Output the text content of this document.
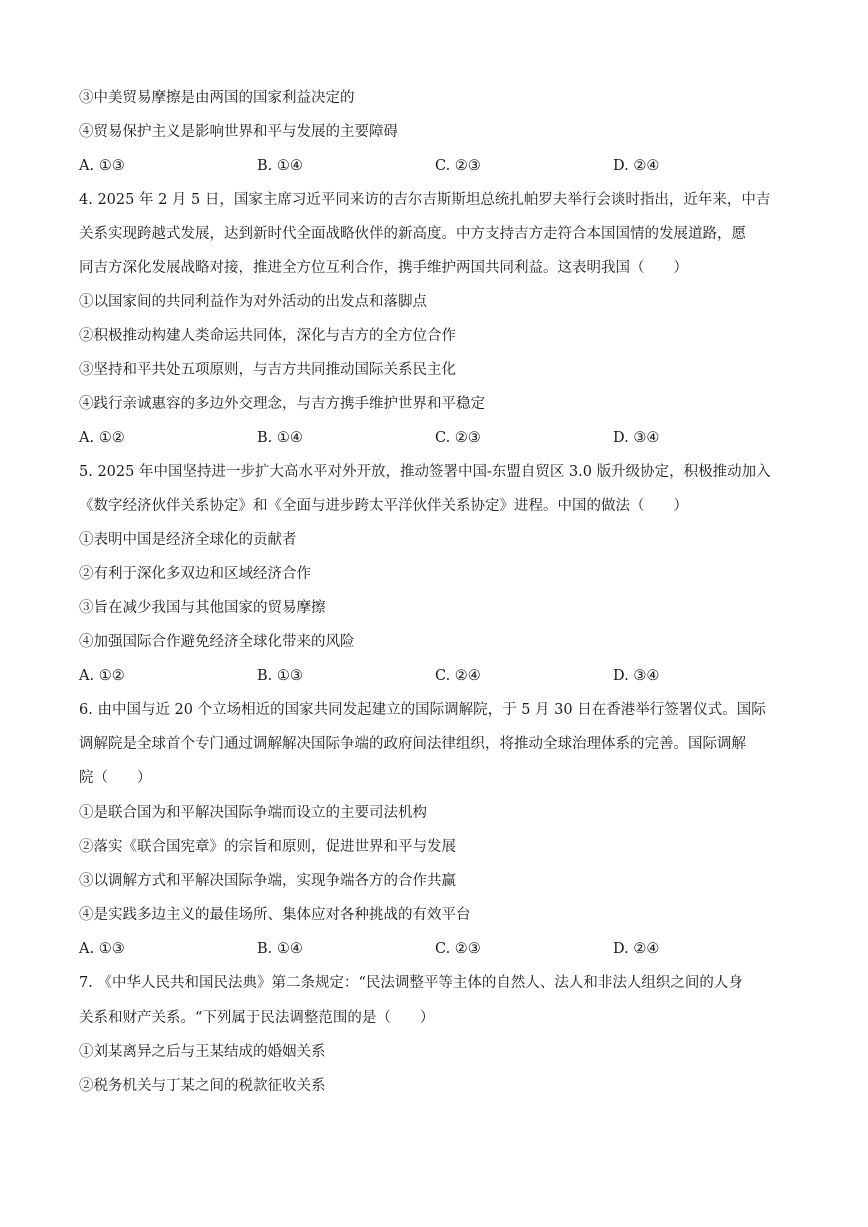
③中美贸易摩擦是由两国的国家利益决定的
④贸易保护主义是影响世界和平与发展的主要障碍
A. ①③	B. ①④	C. ②③	D. ②④
4. 2025 年 2 月 5 日，国家主席习近平同来访的吉尔吉斯斯坦总统扎帕罗夫举行会谈时指出，近年来，中吉
关系实现跨越式发展，达到新时代全面战略伙伴的新高度。中方支持吉方走符合本国国情的发展道路，愿
同吉方深化发展战略对接，推进全方位互利合作，携手维护两国共同利益。这表明我国（　　）
①以国家间的共同利益作为对外活动的出发点和落脚点
②积极推动构建人类命运共同体，深化与吉方的全方位合作
③坚持和平共处五项原则，与吉方共同推动国际关系民主化
④践行亲诚惠容的多边外交理念，与吉方携手维护世界和平稳定
A. ①②	B. ①④	C. ②③	D. ③④
5. 2025 年中国坚持进一步扩大高水平对外开放，推动签署中国-东盟自贸区 3.0 版升级协定，积极推动加入
《数字经济伙伴关系协定》和《全面与进步跨太平洋伙伴关系协定》进程。中国的做法（　　）
①表明中国是经济全球化的贡献者
②有利于深化多双边和区域经济合作
③旨在减少我国与其他国家的贸易摩擦
④加强国际合作避免经济全球化带来的风险
A. ①②	B. ①③	C. ②④	D. ③④
6. 由中国与近 20 个立场相近的国家共同发起建立的国际调解院，于 5 月 30 日在香港举行签署仪式。国际
调解院是全球首个专门通过调解解决国际争端的政府间法律组织，将推动全球治理体系的完善。国际调解
院（　　）
①是联合国为和平解决国际争端而设立的主要司法机构
②落实《联合国宪章》的宗旨和原则，促进世界和平与发展
③以调解方式和平解决国际争端，实现争端各方的合作共赢
④是实践多边主义的最佳场所、集体应对各种挑战的有效平台
A. ①③	B. ①④	C. ②③	D. ②④
7. 《中华人民共和国民法典》第二条规定：“民法调整平等主体的自然人、法人和非法人组织之间的人身
关系和财产关系。“下列属于民法调整范围的是（　　）
①刘某离异之后与王某结成的婚姻关系
②税务机关与丁某之间的税款征收关系
